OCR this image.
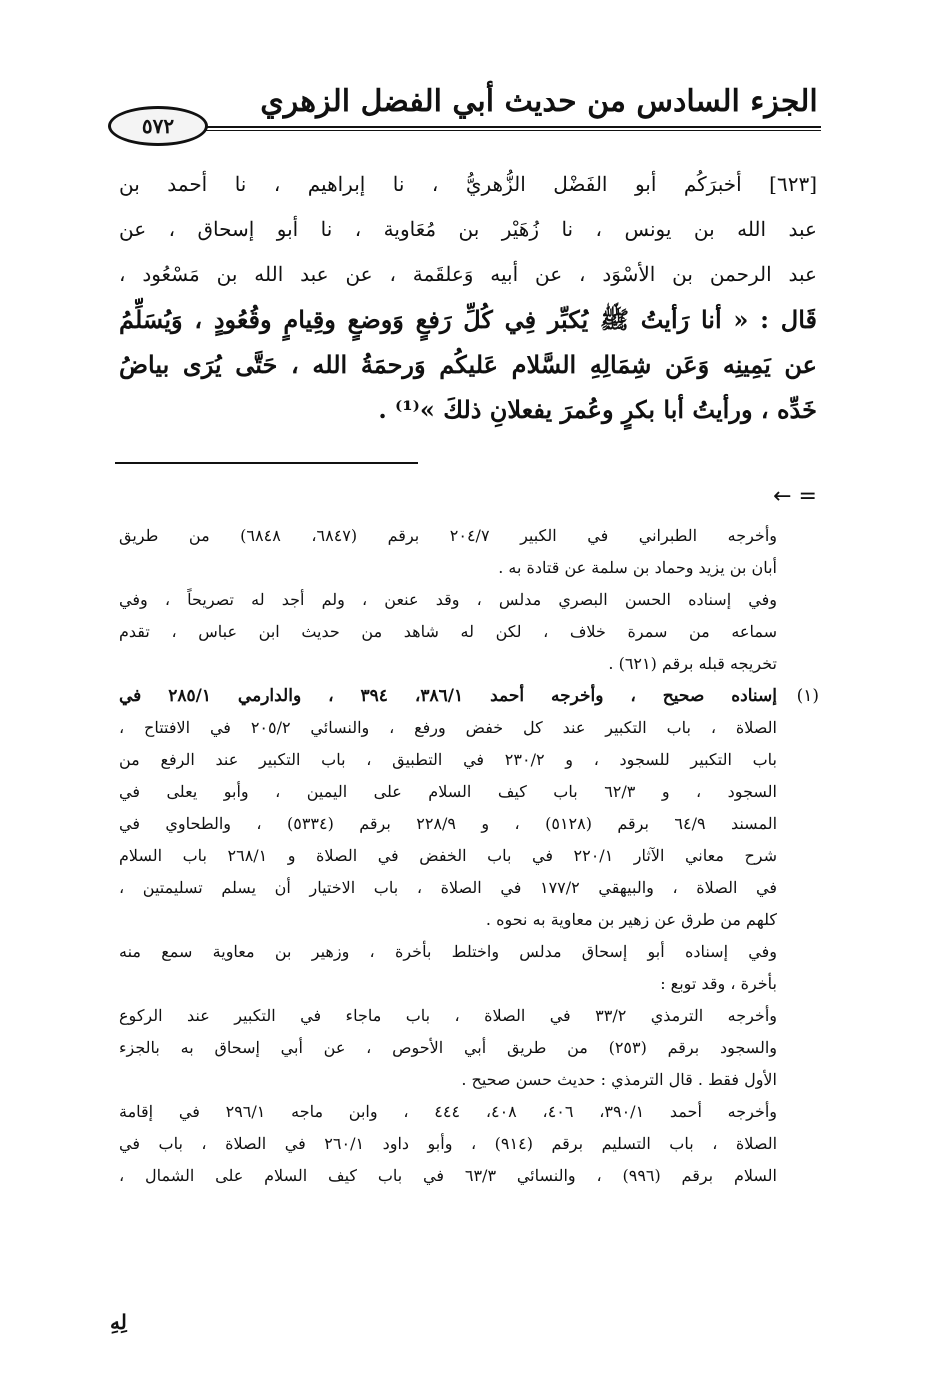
الجزء السادس من حديث أبي الفضل الزهري
٥٧٢
[٦٢٣] أخبرَكُم أبو الفَضْل الزُّهريُّ ، نا إبراهيم ، نا أحمد بن
عبد الله بن يونس ، نا زُهَيْر بن مُعَاوية ، نا أبو إسحاق ، عن
عبد الرحمن بن الأسْوَد ، عن أبيه وَعلقَمة ، عن عبد الله بن مَسْعُود ،
قَال : « أنا رَأيتُ ﷺ يُكبِّر فِي كُلِّ رَفعٍ وَوضعٍ وقِيامٍ وقُعُودٍ ، وَيُسَلِّمُ
عن يَمِينِه وَعَن شِمَالِهِ السَّلام عَليكُم وَرحمَةُ الله ، حَتَّى يُرَى بياضُ
خَدِّه ، ورأيتُ أبا بكرٍ وعُمرَ يفعلانِ ذلكَ »⁽¹⁾ .
= ←
وأخرجه الطبراني في الكبير ٢٠٤/٧ برقم (٦٨٤٧، ٦٨٤٨) من طريق
أبان بن يزيد وحماد بن سلمة عن قتادة به .
وفي إسناده الحسن البصري مدلس ، وقد عنعن ، ولم أجد له تصريحاً ، وفي
سماعه من سمرة خلاف ، لكن له شاهد من حديث ابن عباس ، تقدم
تخريجه قبله برقم (٦٢١) .
(١)
إسناده صحيح ، وأخرجه أحمد ٣٨٦/١، ٣٩٤ ، والدارمي ٢٨٥/١ في
الصلاة ، باب التكبير عند كل خفض ورفع ، والنسائي ٢٠٥/٢ في الافتتاح ،
باب التكبير للسجود ، و ٢٣٠/٢ في التطبيق ، باب التكبير عند الرفع من
السجود ، و ٦٢/٣ باب كيف السلام على اليمين ، وأبو يعلى في
المسند ٦٤/٩ برقم (٥١٢٨) ، و ٢٢٨/٩ برقم (٥٣٣٤) ، والطحاوي في
شرح معاني الآثار ٢٢٠/١ في باب الخفض في الصلاة و ٢٦٨/١ باب السلام
في الصلاة ، والبيهقي ١٧٧/٢ في الصلاة ، باب الاختيار أن يسلم تسليمتين ،
كلهم من طرق عن زهير بن معاوية به نحوه .
وفي إسناده أبو إسحاق مدلس واختلط بأخرة ، وزهير بن معاوية سمع منه
بأخرة ، وقد توبع :
وأخرجه الترمذي ٣٣/٢ في الصلاة ، باب ماجاء في التكبير عند الركوع
والسجود برقم (٢٥٣) من طريق أبي الأحوص ، عن أبي إسحاق به بالجزء
الأول فقط . قال الترمذي : حديث حسن صحيح .
وأخرجه أحمد ٣٩٠/١، ٤٠٦، ٤٠٨، ٤٤٤ ، وابن ماجه ٢٩٦/١ في إقامة
الصلاة ، باب التسليم برقم (٩١٤) ، وأبو داود ٢٦٠/١ في الصلاة ، باب في
السلام برقم (٩٩٦) ، والنسائي ٦٣/٣ في باب كيف السلام على الشمال ،
لِهِ
